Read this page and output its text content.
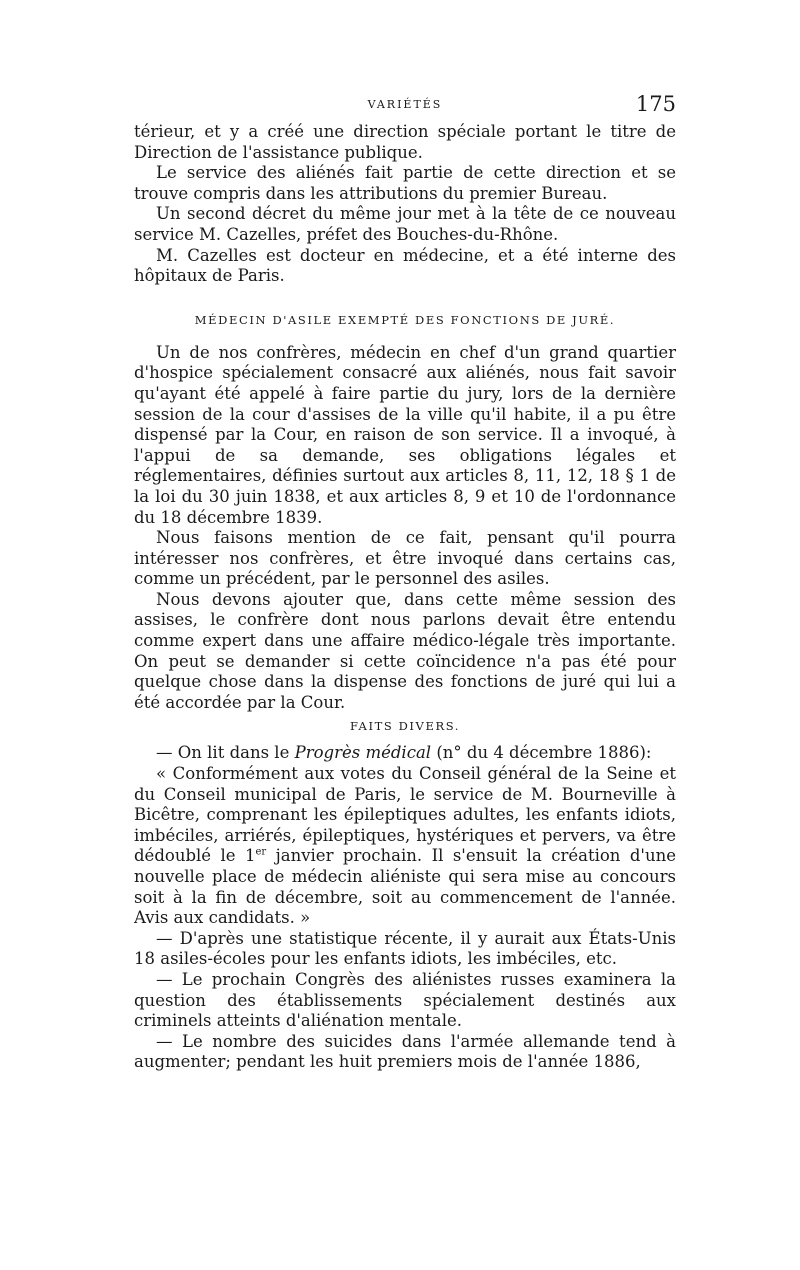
VARIÉTÉS	175

térieur, et y a créé une direction spéciale portant le titre de Direction de l'assistance publique.

Le service des aliénés fait partie de cette direction et se trouve compris dans les attributions du premier Bureau.

Un second décret du même jour met à la tête de ce nouveau service M. Cazelles, préfet des Bouches-du-Rhône.

M. Cazelles est docteur en médecine, et a été interne des hôpitaux de Paris.

MÉDECIN D'ASILE EXEMPTÉ DES FONCTIONS DE JURÉ.

Un de nos confrères, médecin en chef d'un grand quartier d'hospice spécialement consacré aux aliénés, nous fait savoir qu'ayant été appelé à faire partie du jury, lors de la dernière session de la cour d'assises de la ville qu'il habite, il a pu être dispensé par la Cour, en raison de son service. Il a invoqué, à l'appui de sa demande, ses obligations légales et réglementaires, définies surtout aux articles 8, 11, 12, 18 § 1 de la loi du 30 juin 1838, et aux articles 8, 9 et 10 de l'ordonnance du 18 décembre 1839.

Nous faisons mention de ce fait, pensant qu'il pourra intéresser nos confrères, et être invoqué dans certains cas, comme un précédent, par le personnel des asiles.

Nous devons ajouter que, dans cette même session des assises, le confrère dont nous parlons devait être entendu comme expert dans une affaire médico-légale très importante. On peut se demander si cette coïncidence n'a pas été pour quelque chose dans la dispense des fonctions de juré qui lui a été accordée par la Cour.

FAITS DIVERS.

— On lit dans le Progrès médical (n° du 4 décembre 1886):

« Conformément aux votes du Conseil général de la Seine et du Conseil municipal de Paris, le service de M. Bourneville à Bicêtre, comprenant les épileptiques adultes, les enfants idiots, imbéciles, arriérés, épileptiques, hystériques et pervers, va être dédoublé le 1er janvier prochain. Il s'ensuit la création d'une nouvelle place de médecin aliéniste qui sera mise au concours soit à la fin de décembre, soit au commencement de l'année. Avis aux candidats. »

— D'après une statistique récente, il y aurait aux États-Unis 18 asiles-écoles pour les enfants idiots, les imbéciles, etc.

— Le prochain Congrès des aliénistes russes examinera la question des établissements spécialement destinés aux criminels atteints d'aliénation mentale.

— Le nombre des suicides dans l'armée allemande tend à augmenter; pendant les huit premiers mois de l'année 1886,
